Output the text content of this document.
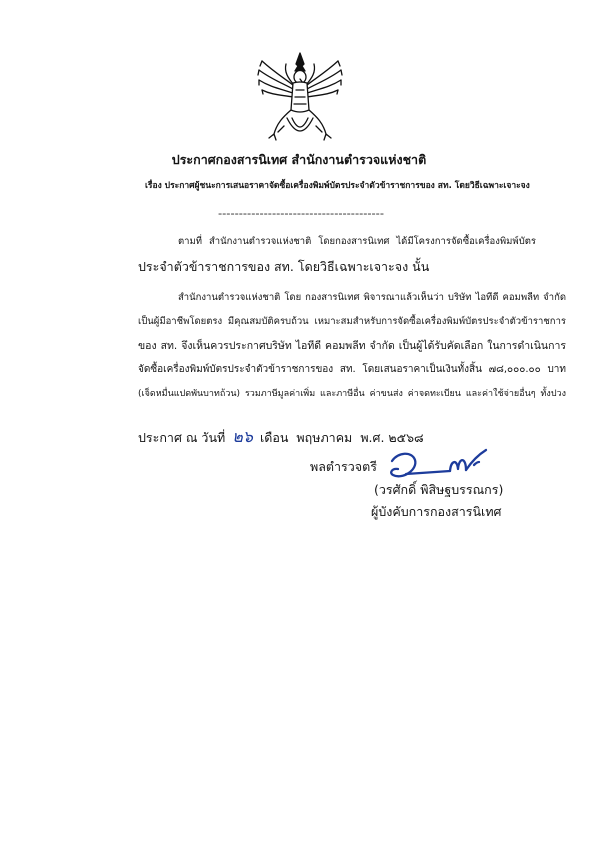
ประกาศกองสารนิเทศ สำนักงานตำรวจแห่งชาติ
เรื่อง ประกาศผู้ชนะการเสนอราคาจัดซื้อเครื่องพิมพ์บัตรประจำตัวข้าราชการของ สท. โดยวิธีเฉพาะเจาะจง
----------------------------------------
ตามที่ สำนักงานตำรวจแห่งชาติ โดยกองสารนิเทศ ได้มีโครงการจัดซื้อเครื่องพิมพ์บัตร
ประจำตัวข้าราชการของ สท. โดยวิธีเฉพาะเจาะจง นั้น
สำนักงานตำรวจแห่งชาติ โดย กองสารนิเทศ พิจารณาแล้วเห็นว่า บริษัท ไอทีดี คอมพลีท จำกัด
เป็นผู้มีอาชีพโดยตรง มีคุณสมบัติครบถ้วน เหมาะสมสำหรับการจัดซื้อเครื่องพิมพ์บัตรประจำตัวข้าราชการ
ของ สท. จึงเห็นควรประกาศบริษัท ไอทีดี คอมพลีท จำกัด เป็นผู้ได้รับคัดเลือก ในการดำเนินการ
จัดซื้อเครื่องพิมพ์บัตรประจำตัวข้าราชการของ สท. โดยเสนอราคาเป็นเงินทั้งสิ้น ๗๘,๐๐๐.๐๐ บาท
(เจ็ดหมื่นแปดพันบาทถ้วน) รวมภาษีมูลค่าเพิ่ม และภาษีอื่น ค่าขนส่ง ค่าจดทะเบียน และค่าใช้จ่ายอื่นๆ ทั้งปวง
ประกาศ ณ วันที่ ๒๖ เดือน พฤษภาคม พ.ศ. ๒๕๖๘
พลตำรวจตรี
(วรศักดิ์ พิสิษฐบรรณกร)
ผู้บังคับการกองสารนิเทศ
